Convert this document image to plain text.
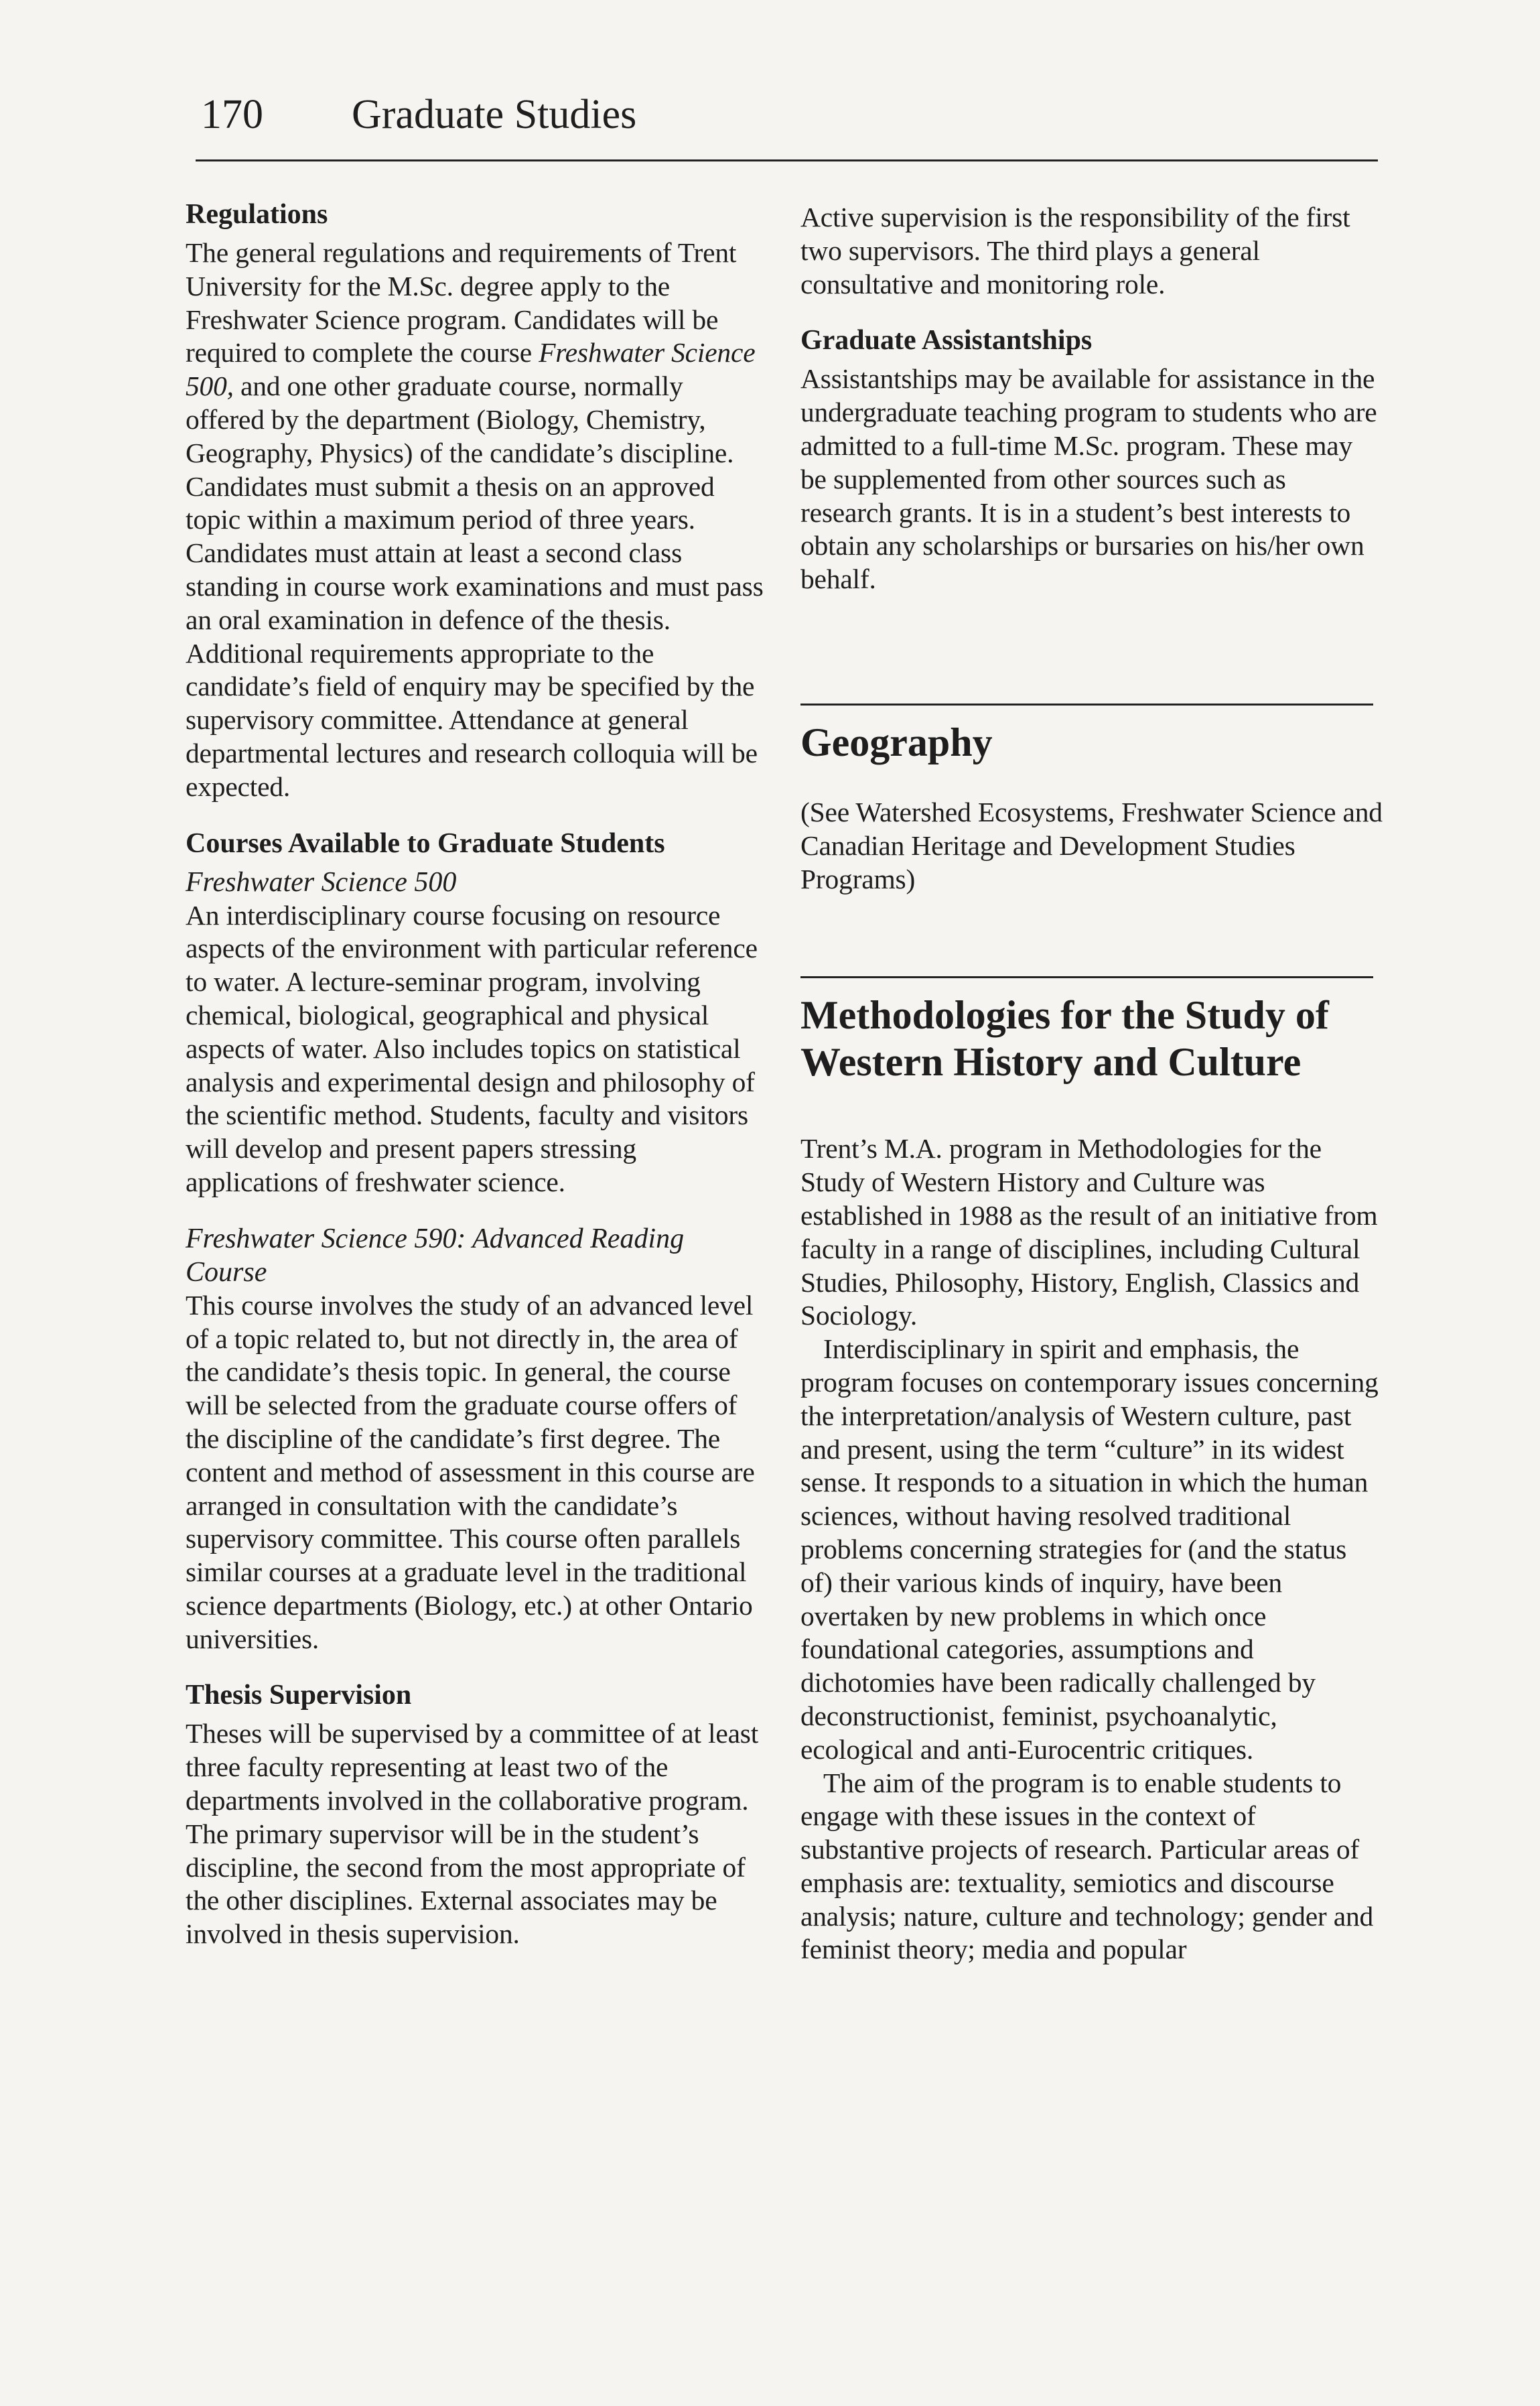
170 Graduate Studies
Regulations

The general regulations and requirements of Trent University for the M.Sc. degree apply to the Freshwater Science program. Candidates will be required to complete the course Freshwater Science 500, and one other graduate course, normally offered by the department (Biology, Chemistry, Geography, Physics) of the candidate’s discipline. Candidates must submit a thesis on an approved topic within a maximum period of three years. Candidates must attain at least a second class standing in course work examinations and must pass an oral examination in defence of the thesis. Additional requirements appropriate to the candidate’s field of enquiry may be specified by the supervisory committee. Attendance at general departmental lectures and research colloquia will be expected.

Courses Available to Graduate Students

Freshwater Science 500

An interdisciplinary course focusing on resource aspects of the environment with particular reference to water. A lecture-seminar program, involving chemical, biological, geographical and physical aspects of water. Also includes topics on statistical analysis and experimental design and philosophy of the scientific method. Students, faculty and visitors will develop and present papers stressing applications of freshwater science.

Freshwater Science 590: Advanced Reading Course

This course involves the study of an advanced level of a topic related to, but not directly in, the area of the candidate’s thesis topic. In general, the course will be selected from the graduate course offers of the discipline of the candidate’s first degree. The content and method of assessment in this course are arranged in consultation with the candidate’s supervisory committee. This course often parallels similar courses at a graduate level in the traditional science departments (Biology, etc.) at other Ontario universities.

Thesis Supervision

Theses will be supervised by a committee of at least three faculty representing at least two of the departments involved in the collaborative program. The primary supervisor will be in the student’s discipline, the second from the most appropriate of the other disciplines. External associates may be involved in thesis supervision.

Active supervision is the responsibility of the first two supervisors. The third plays a general consultative and monitoring role.

Graduate Assistantships

Assistantships may be available for assistance in the undergraduate teaching program to students who are admitted to a full-time M.Sc. program. These may be supplemented from other sources such as research grants. It is in a student’s best interests to obtain any scholarships or bursaries on his/her own behalf.

Geography

(See Watershed Ecosystems, Freshwater Science and Canadian Heritage and Development Studies Programs)

Methodologies for the Study of Western History and Culture

Trent’s M.A. program in Methodologies for the Study of Western History and Culture was established in 1988 as the result of an initiative from faculty in a range of disciplines, including Cultural Studies, Philosophy, History, English, Classics and Sociology.

Interdisciplinary in spirit and emphasis, the program focuses on contemporary issues concerning the interpretation/analysis of Western culture, past and present, using the term “culture” in its widest sense. It responds to a situation in which the human sciences, without having resolved traditional problems concerning strategies for (and the status of) their various kinds of inquiry, have been overtaken by new problems in which once foundational categories, assumptions and dichotomies have been radically challenged by deconstructionist, feminist, psychoanalytic, ecological and anti-Eurocentric critiques.

The aim of the program is to enable students to engage with these issues in the context of substantive projects of research. Particular areas of emphasis are: textuality, semiotics and discourse analysis; nature, culture and technology; gender and feminist theory; media and popular
